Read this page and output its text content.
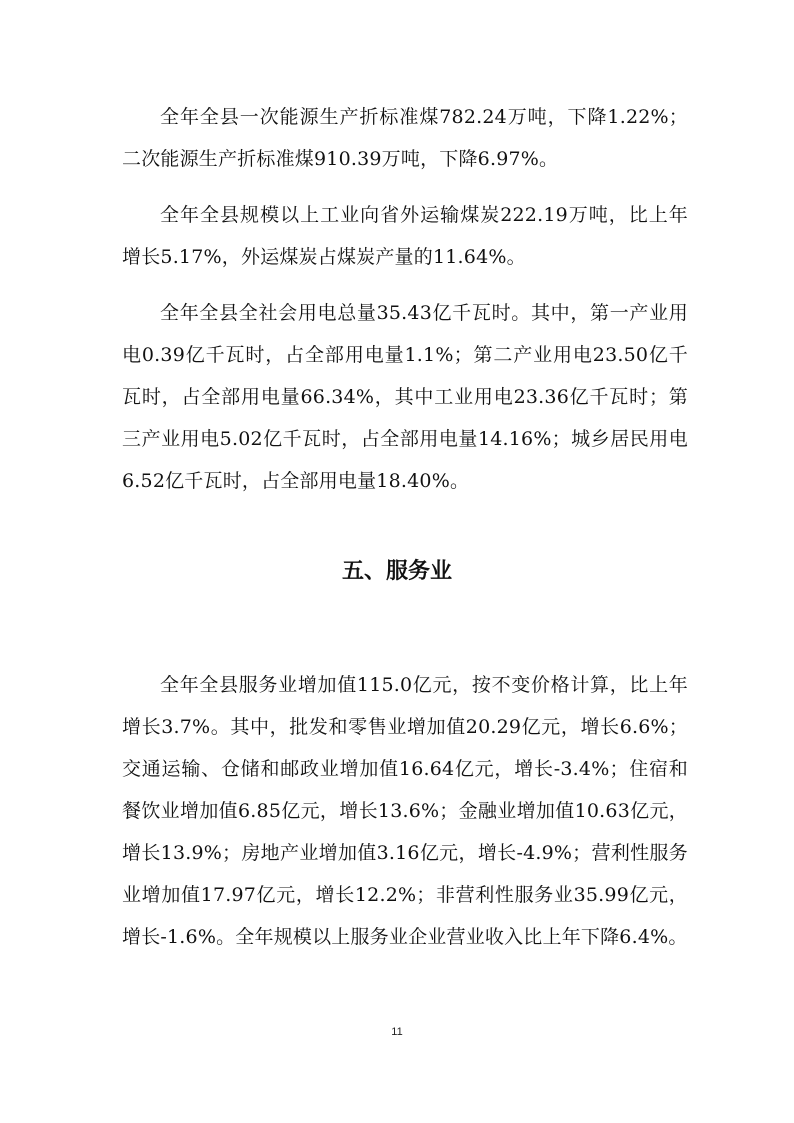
全年全县一次能源生产折标准煤782.24万吨，下降1.22%；二次能源生产折标准煤910.39万吨，下降6.97%。

全年全县规模以上工业向省外运输煤炭222.19万吨，比上年增长5.17%，外运煤炭占煤炭产量的11.64%。

全年全县全社会用电总量35.43亿千瓦时。其中，第一产业用电0.39亿千瓦时，占全部用电量1.1%；第二产业用电23.50亿千瓦时，占全部用电量66.34%，其中工业用电23.36亿千瓦时；第三产业用电5.02亿千瓦时，占全部用电量14.16%；城乡居民用电6.52亿千瓦时，占全部用电量18.40%。

五、服务业

全年全县服务业增加值115.0亿元，按不变价格计算，比上年增长3.7%。其中，批发和零售业增加值20.29亿元，增长6.6%；交通运输、仓储和邮政业增加值16.64亿元，增长-3.4%；住宿和餐饮业增加值6.85亿元，增长13.6%；金融业增加值10.63亿元，增长13.9%；房地产业增加值3.16亿元，增长-4.9%；营利性服务业增加值17.97亿元，增长12.2%；非营利性服务业35.99亿元，增长-1.6%。全年规模以上服务业企业营业收入比上年下降6.4%。

11
